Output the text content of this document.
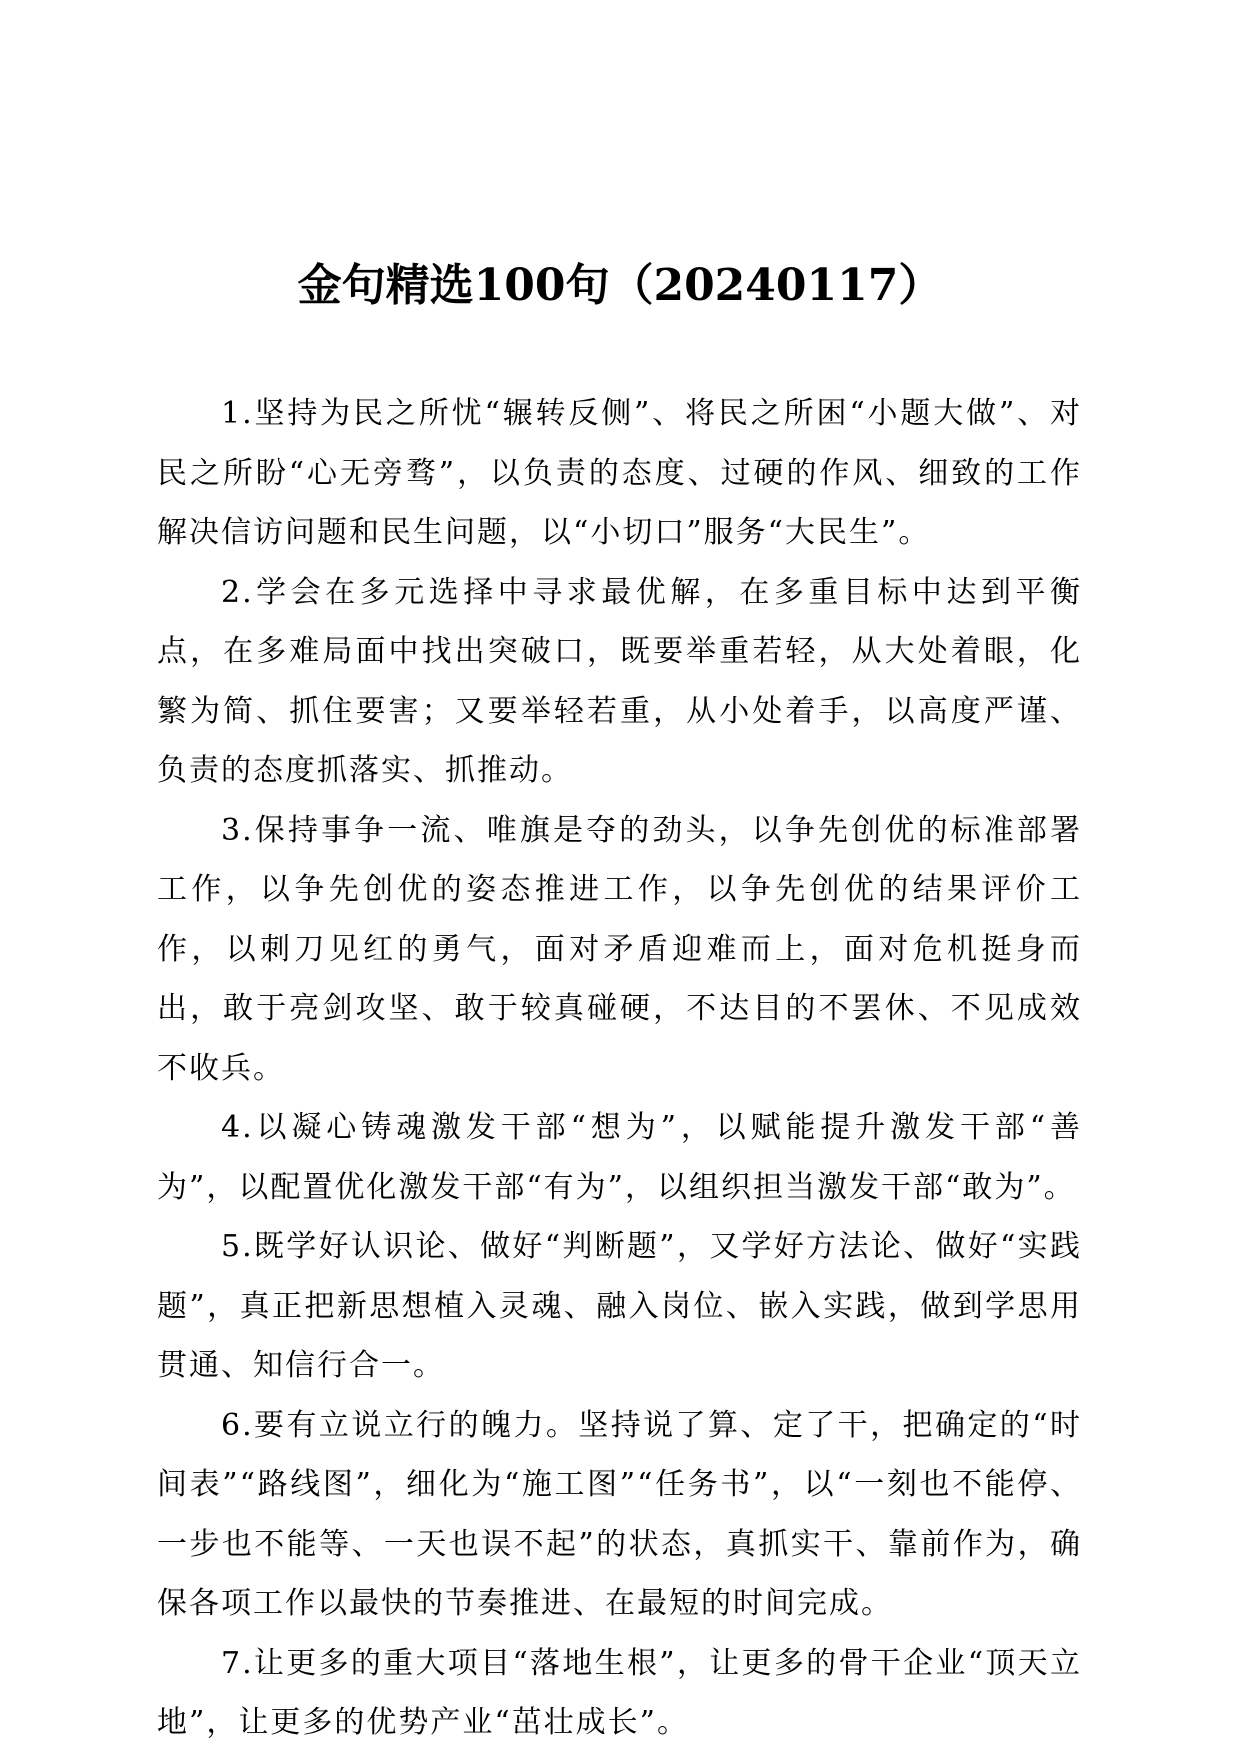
金句精选100句（20240117）

1.坚持为民之所忧“辗转反侧”、将民之所困“小题大做”、对民之所盼“心无旁骛”，以负责的态度、过硬的作风、细致的工作解决信访问题和民生问题，以“小切口”服务“大民生”。

2.学会在多元选择中寻求最优解，在多重目标中达到平衡点，在多难局面中找出突破口，既要举重若轻，从大处着眼，化繁为简、抓住要害；又要举轻若重，从小处着手，以高度严谨、负责的态度抓落实、抓推动。

3.保持事争一流、唯旗是夺的劲头，以争先创优的标准部署工作，以争先创优的姿态推进工作，以争先创优的结果评价工作，以刺刀见红的勇气，面对矛盾迎难而上，面对危机挺身而出，敢于亮剑攻坚、敢于较真碰硬，不达目的不罢休、不见成效不收兵。

4.以凝心铸魂激发干部“想为”，以赋能提升激发干部“善为”，以配置优化激发干部“有为”，以组织担当激发干部“敢为”。

5.既学好认识论、做好“判断题”，又学好方法论、做好“实践题”，真正把新思想植入灵魂、融入岗位、嵌入实践，做到学思用贯通、知信行合一。

6.要有立说立行的魄力。坚持说了算、定了干，把确定的“时间表”“路线图”，细化为“施工图”“任务书”，以“一刻也不能停、一步也不能等、一天也误不起”的状态，真抓实干、靠前作为，确保各项工作以最快的节奏推进、在最短的时间完成。

7.让更多的重大项目“落地生根”，让更多的骨干企业“顶天立地”，让更多的优势产业“茁壮成长”。
